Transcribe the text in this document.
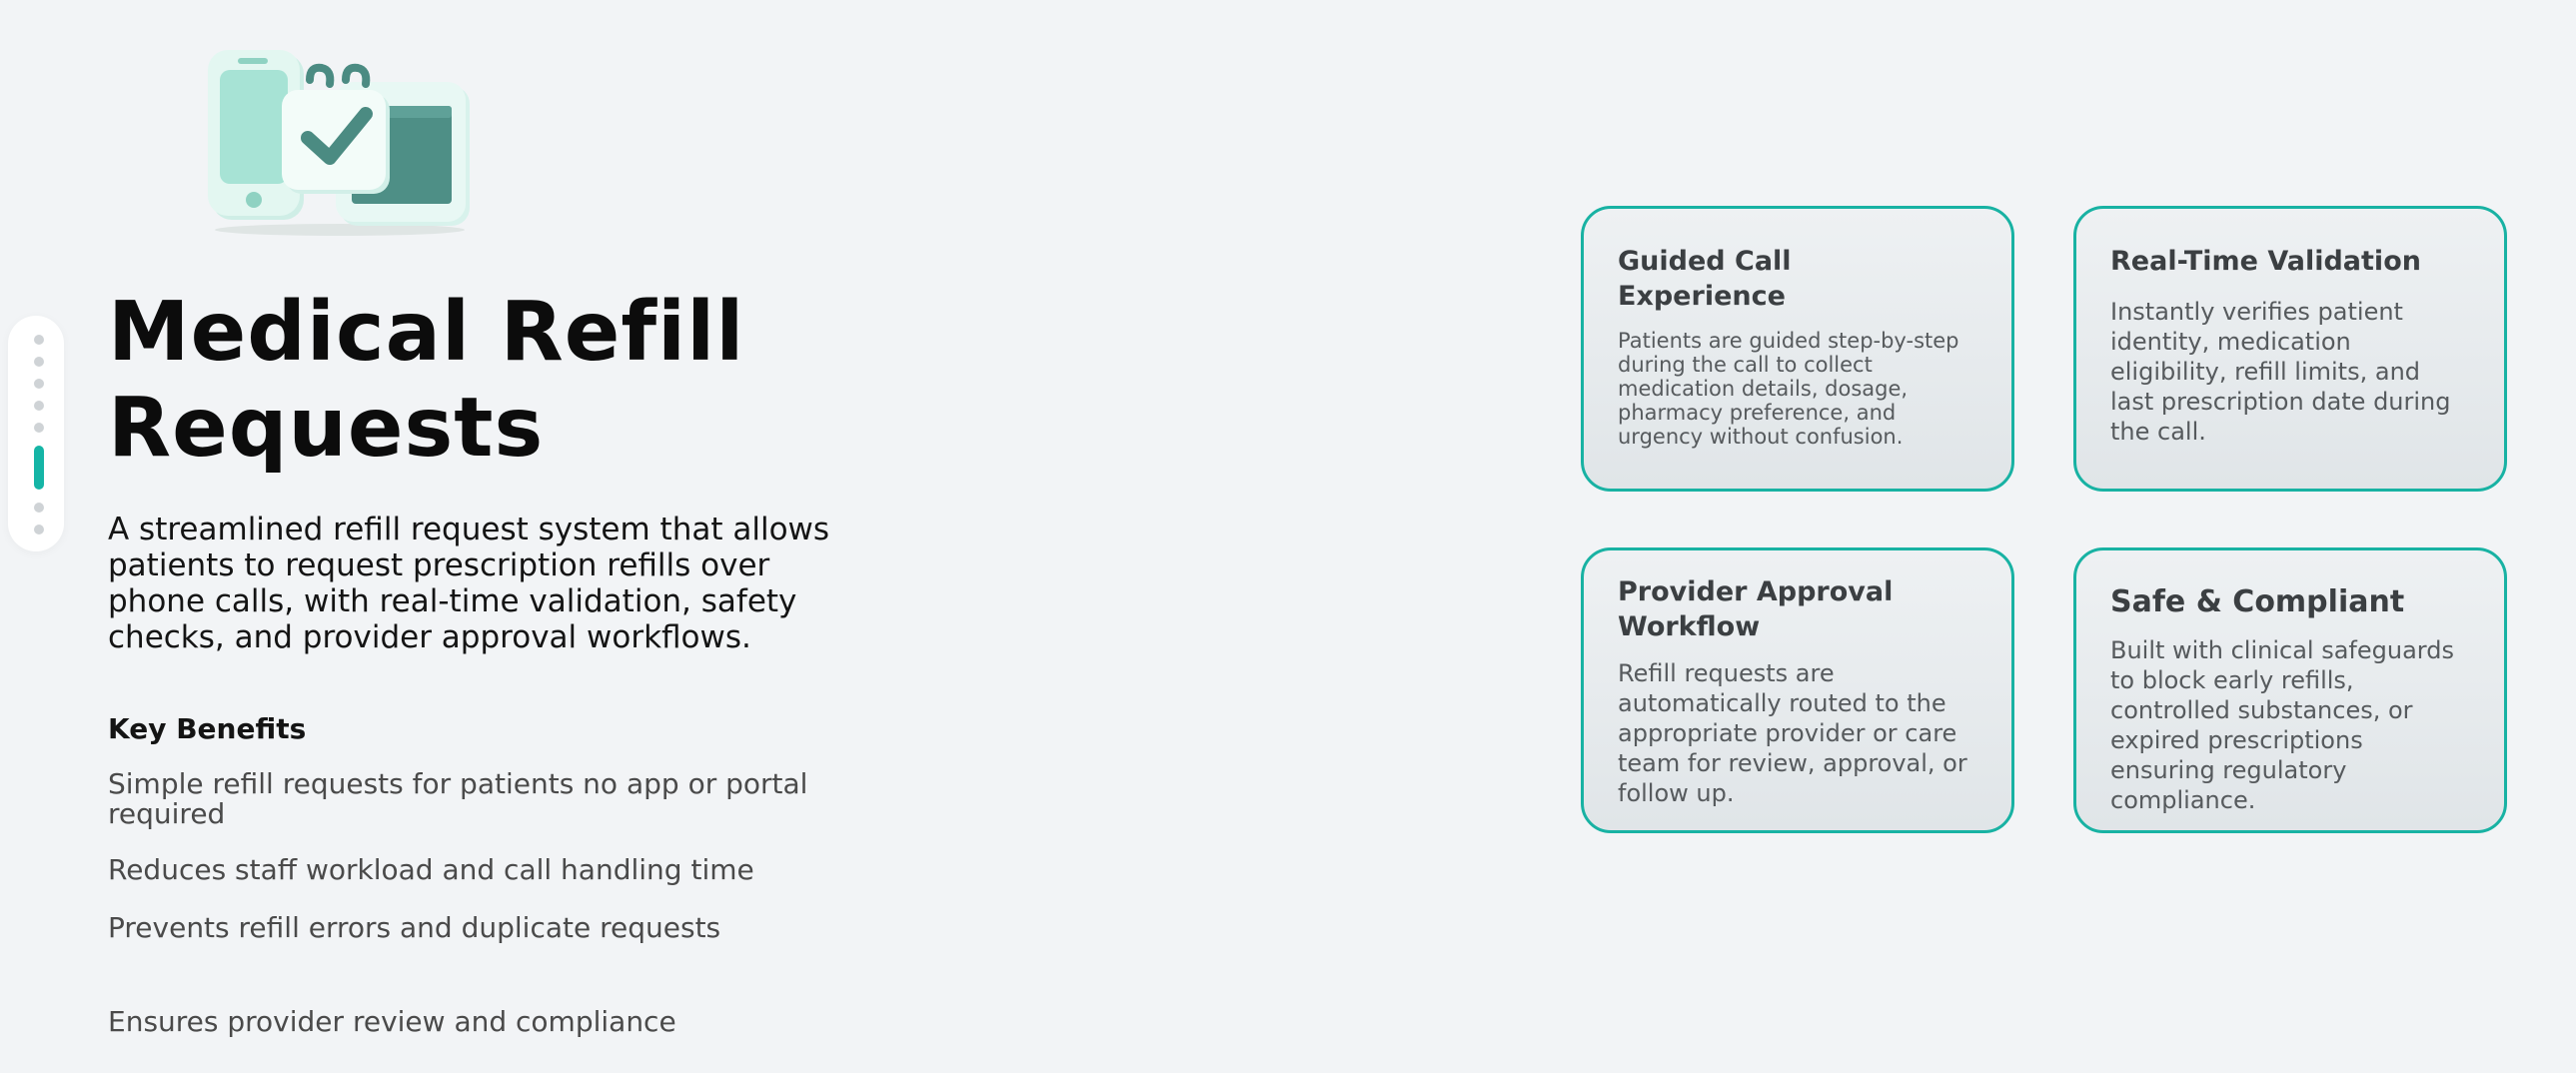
Medical Refill Requests

A streamlined refill request system that allows patients to request prescription refills over phone calls, with real-time validation, safety checks, and provider approval workflows.

Key Benefits

Simple refill requests for patients no app or portal required

Reduces staff workload and call handling time

Prevents refill errors and duplicate requests

Ensures provider review and compliance

Guided Call Experience

Patients are guided step-by-step during the call to collect medication details, dosage, pharmacy preference, and urgency without confusion.

Real-Time Validation

Instantly verifies patient identity, medication eligibility, refill limits, and last prescription date during the call.

Provider Approval Workflow

Refill requests are automatically routed to the appropriate provider or care team for review, approval, or follow up.

Safe & Compliant

Built with clinical safeguards to block early refills, controlled substances, or expired prescriptions ensuring regulatory compliance.
